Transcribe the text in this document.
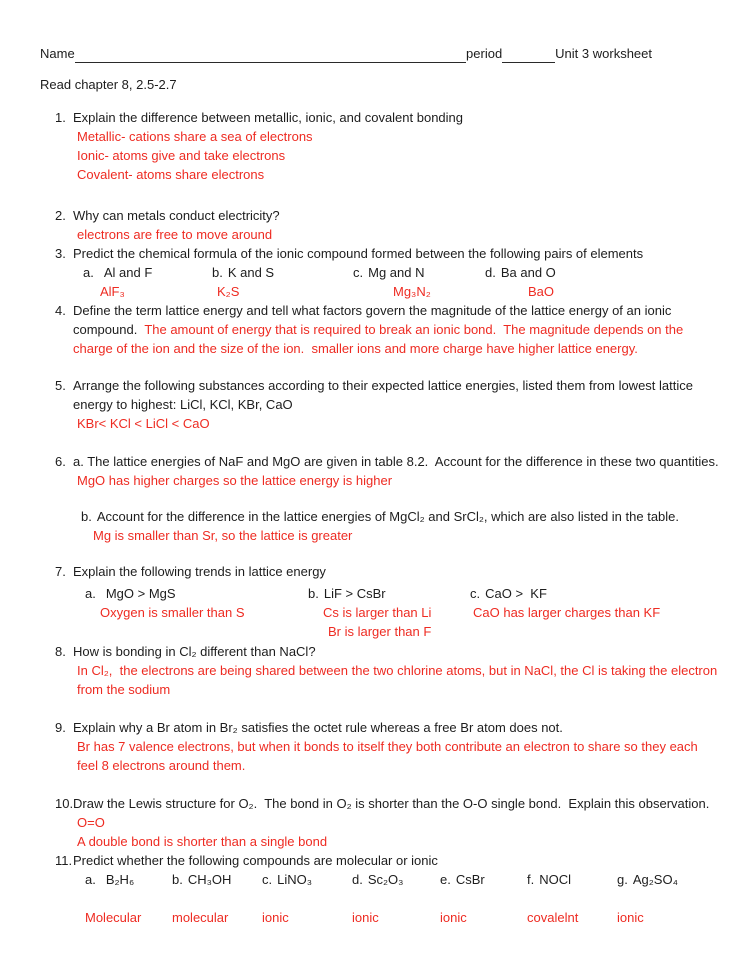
Name	period	Unit 3 worksheet
Read chapter 8, 2.5-2.7
1. Explain the difference between metallic, ionic, and covalent bonding
Metallic- cations share a sea of electrons
Ionic- atoms give and take electrons
Covalent- atoms share electrons
2. Why can metals conduct electricity?
electrons are free to move around
3. Predict the chemical formula of the ionic compound formed between the following pairs of elements
a. Al and F	b. K and S	c. Mg and N	d. Ba and O
AlF₃	K₂S	Mg₃N₂	BaO
4. Define the term lattice energy and tell what factors govern the magnitude of the lattice energy of an ionic
compound.  The amount of energy that is required to break an ionic bond.  The magnitude depends on the
charge of the ion and the size of the ion.  smaller ions and more charge have higher lattice energy.
5. Arrange the following substances according to their expected lattice energies, listed them from lowest lattice
energy to highest: LiCl, KCl, KBr, CaO
KBr< KCl < LiCl < CaO
6. a. The lattice energies of NaF and MgO are given in table 8.2.  Account for the difference in these two quantities.
MgO has higher charges so the lattice energy is higher
b. Account for the difference in the lattice energies of MgCl₂ and SrCl₂, which are also listed in the table.
Mg is smaller than Sr, so the lattice is greater
7. Explain the following trends in lattice energy
a. MgO > MgS	b. LiF > CsBr	c. CaO >  KF
Oxygen is smaller than S	Cs is larger than Li	CaO has larger charges than KF
Br is larger than F
8. How is bonding in Cl₂ different than NaCl?
In Cl₂,  the electrons are being shared between the two chlorine atoms, but in NaCl, the Cl is taking the electron
from the sodium
9. Explain why a Br atom in Br₂ satisfies the octet rule whereas a free Br atom does not.
Br has 7 valence electrons, but when it bonds to itself they both contribute an electron to share so they each
feel 8 electrons around them.
10. Draw the Lewis structure for O₂.  The bond in O₂ is shorter than the O-O single bond.  Explain this observation.
O=O
A double bond is shorter than a single bond
11. Predict whether the following compounds are molecular or ionic
a. B₂H₆	b. CH₃OH c. LiNO₃	d. Sc₂O₃	e. CsBr	f. NOCl	g. Ag₂SO₄
Molecular molecular	ionic	ionic	ionic	covalelnt	ionic
